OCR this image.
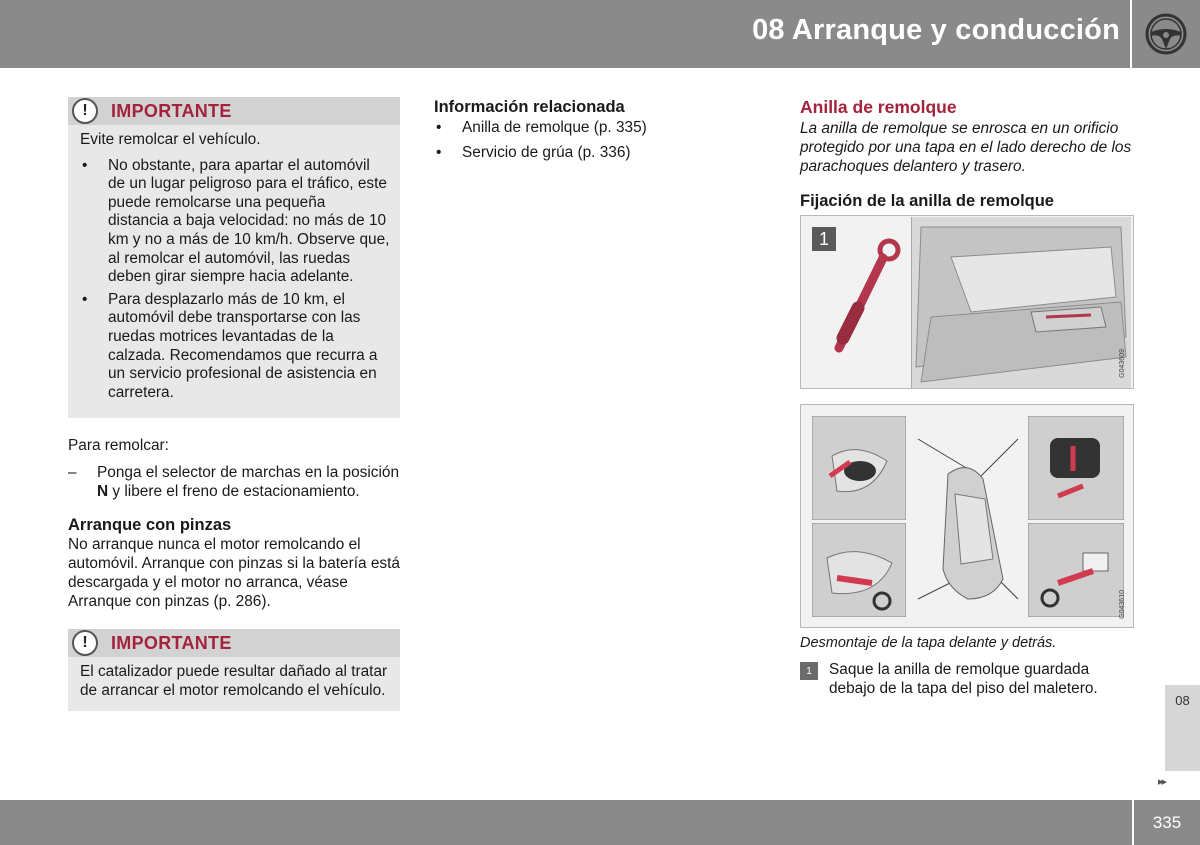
08 Arranque y conducción
!	IMPORTANTE

Evite remolcar el vehículo.

•	No obstante, para apartar el automóvil de un lugar peligroso para el tráfico, este puede remolcarse una pequeña distancia a baja velocidad: no más de 10 km y no a más de 10 km/h. Observe que, al remolcar el automóvil, las ruedas deben girar siempre hacia adelante.
•	Para desplazarlo más de 10 km, el automóvil debe transportarse con las ruedas motrices levantadas de la calzada. Recomendamos que recurra a un servicio profesional de asistencia en carretera.

Para remolcar:

–	Ponga el selector de marchas en la posición N y libere el freno de estacionamiento.

Arranque con pinzas

No arranque nunca el motor remolcando el automóvil. Arranque con pinzas si la batería está descargada y el motor no arranca, véase Arranque con pinzas (p. 286).

!	IMPORTANTE

El catalizador puede resultar dañado al tratar de arrancar el motor remolcando el vehículo.

Información relacionada

•	Anilla de remolque (p. 335)
•	Servicio de grúa (p. 336)

Anilla de remolque

La anilla de remolque se enrosca en un orificio protegido por una tapa en el lado derecho de los parachoques delantero y trasero.

Fijación de la anilla de remolque

1
G043609
G043610

Desmontaje de la tapa delante y detrás.

1	Saque la anilla de remolque guardada debajo de la tapa del piso del maletero.
08
▸▸
335
